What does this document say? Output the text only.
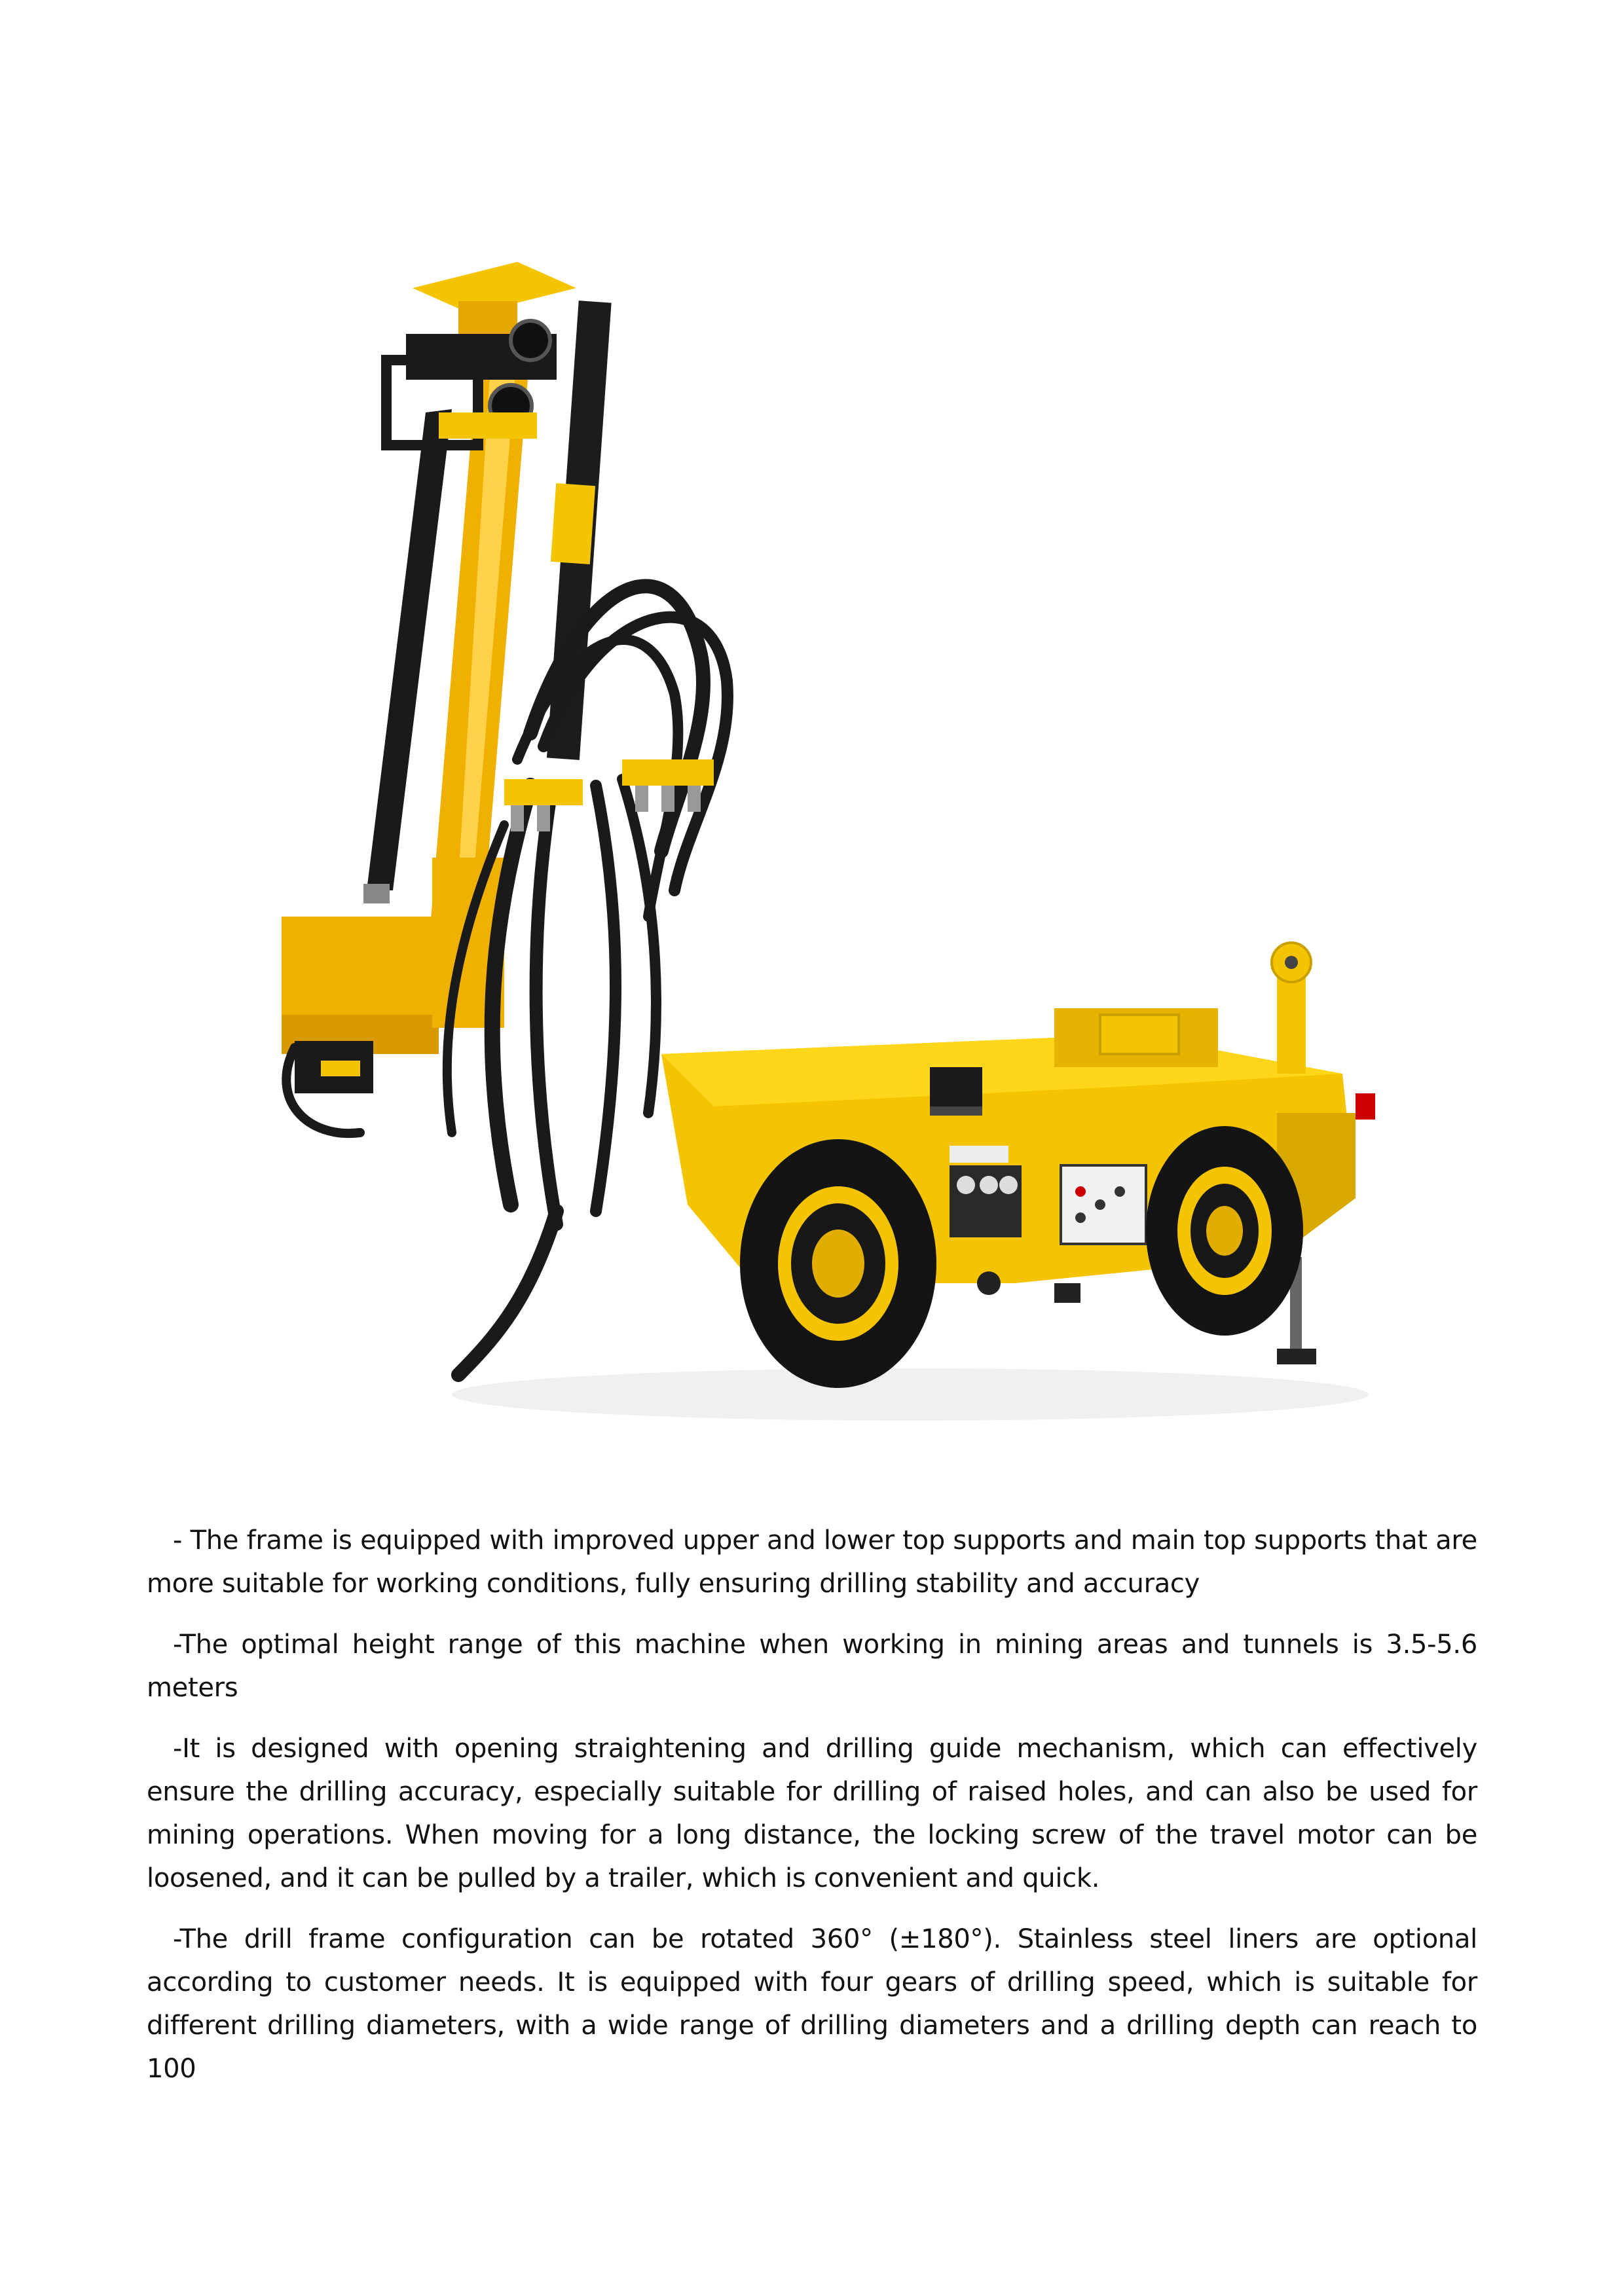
- The frame is equipped with improved upper and lower top supports and main top supports that are more suitable for working conditions, fully ensuring drilling stability and accuracy

-The optimal height range of this machine when working in mining areas and tunnels is 3.5-5.6 meters

-It is designed with opening straightening and drilling guide mechanism, which can effectively ensure the drilling accuracy, especially suitable for drilling of raised holes, and can also be used for mining operations. When moving for a long distance, the locking screw of the travel motor can be loosened, and it can be pulled by a trailer, which is convenient and quick.

-The drill frame configuration can be rotated 360° (±180°). Stainless steel liners are optional according to customer needs. It is equipped with four gears of drilling speed, which is suitable for different drilling diameters, with a wide range of drilling diameters and a drilling depth can reach to 100
